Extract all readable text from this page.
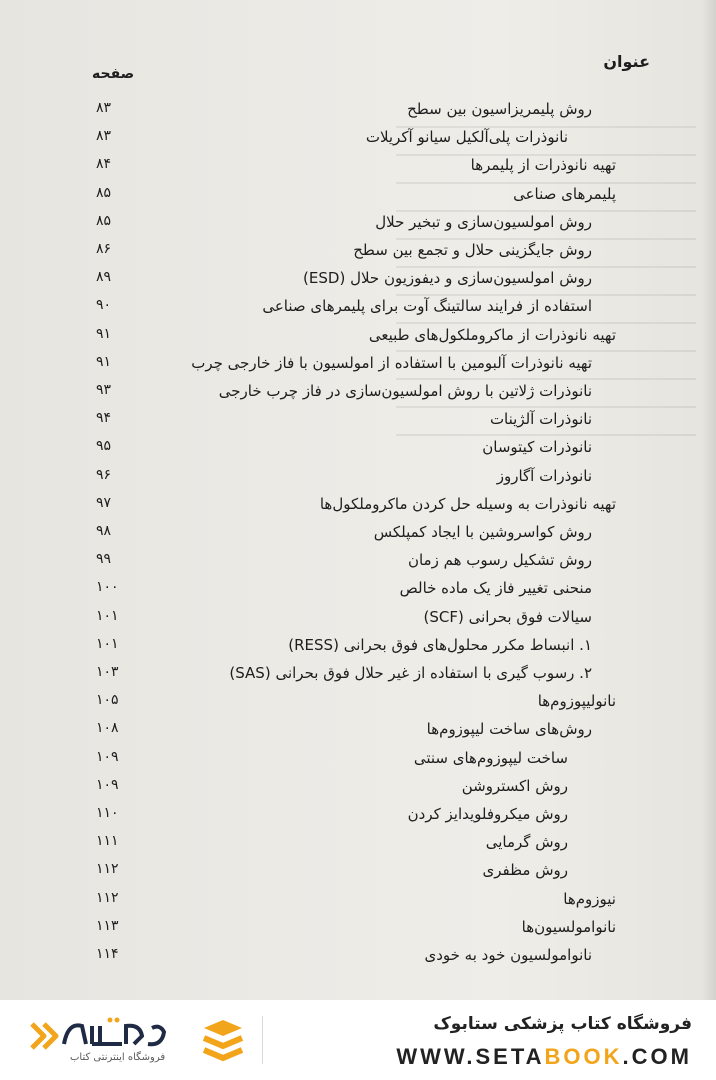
عنوان
صفحه
روش پلیمریزاسیون بین سطح
۸۳
نانوذرات پلی‌آلکیل سیانو آکریلات
۸۳
تهیه نانوذرات از پلیمرها
۸۴
پلیمرهای صناعی
۸۵
روش امولسیون‌سازی و تبخیر حلال
۸۵
روش جایگزینی حلال و تجمع بین سطح
۸۶
روش امولسیون‌سازی و دیفوزیون حلال (ESD)
۸۹
استفاده از فرایند سالتینگ آوت برای پلیمرهای صناعی
۹۰
تهیه نانوذرات از ماکروملکول‌های طبیعی
۹۱
تهیه نانوذرات آلبومین با استفاده از امولسیون با فاز خارجی چرب
۹۱
نانوذرات ژلاتین با روش امولسیون‌سازی در فاز چرب خارجی
۹۳
نانوذرات آلژینات
۹۴
نانوذرات کیتوسان
۹۵
نانوذرات آگاروز
۹۶
تهیه نانوذرات به وسیله حل کردن ماکروملکول‌ها
۹۷
روش کواسروشین با ایجاد کمپلکس
۹۸
روش تشکیل رسوب هم زمان
۹۹
منحنی تغییر فاز یک ماده خالص
۱۰۰
سیالات فوق بحرانی (SCF)
۱۰۱
۱. انبساط مکرر محلول‌های فوق بحرانی (RESS)
۱۰۱
۲. رسوب گیری با استفاده از غیر حلال فوق بحرانی (SAS)
۱۰۳
نانولیپوزوم‌ها
۱۰۵
روش‌های ساخت لیپوزوم‌ها
۱۰۸
ساخت لیپوزوم‌های سنتی
۱۰۹
روش اکستروشن
۱۰۹
روش میکروفلویدایز کردن
۱۱۰
روش گرمایی
۱۱۱
روش مظفری
۱۱۲
نیوزوم‌ها
۱۱۲
نانوامولسیون‌ها
۱۱۳
نانوامولسیون خود به خودی
۱۱۴
فروشگاه اینترنتی کتاب
فروشگاه کتاب پزشکی ستابوک
WWW.SETABOOK.COM
